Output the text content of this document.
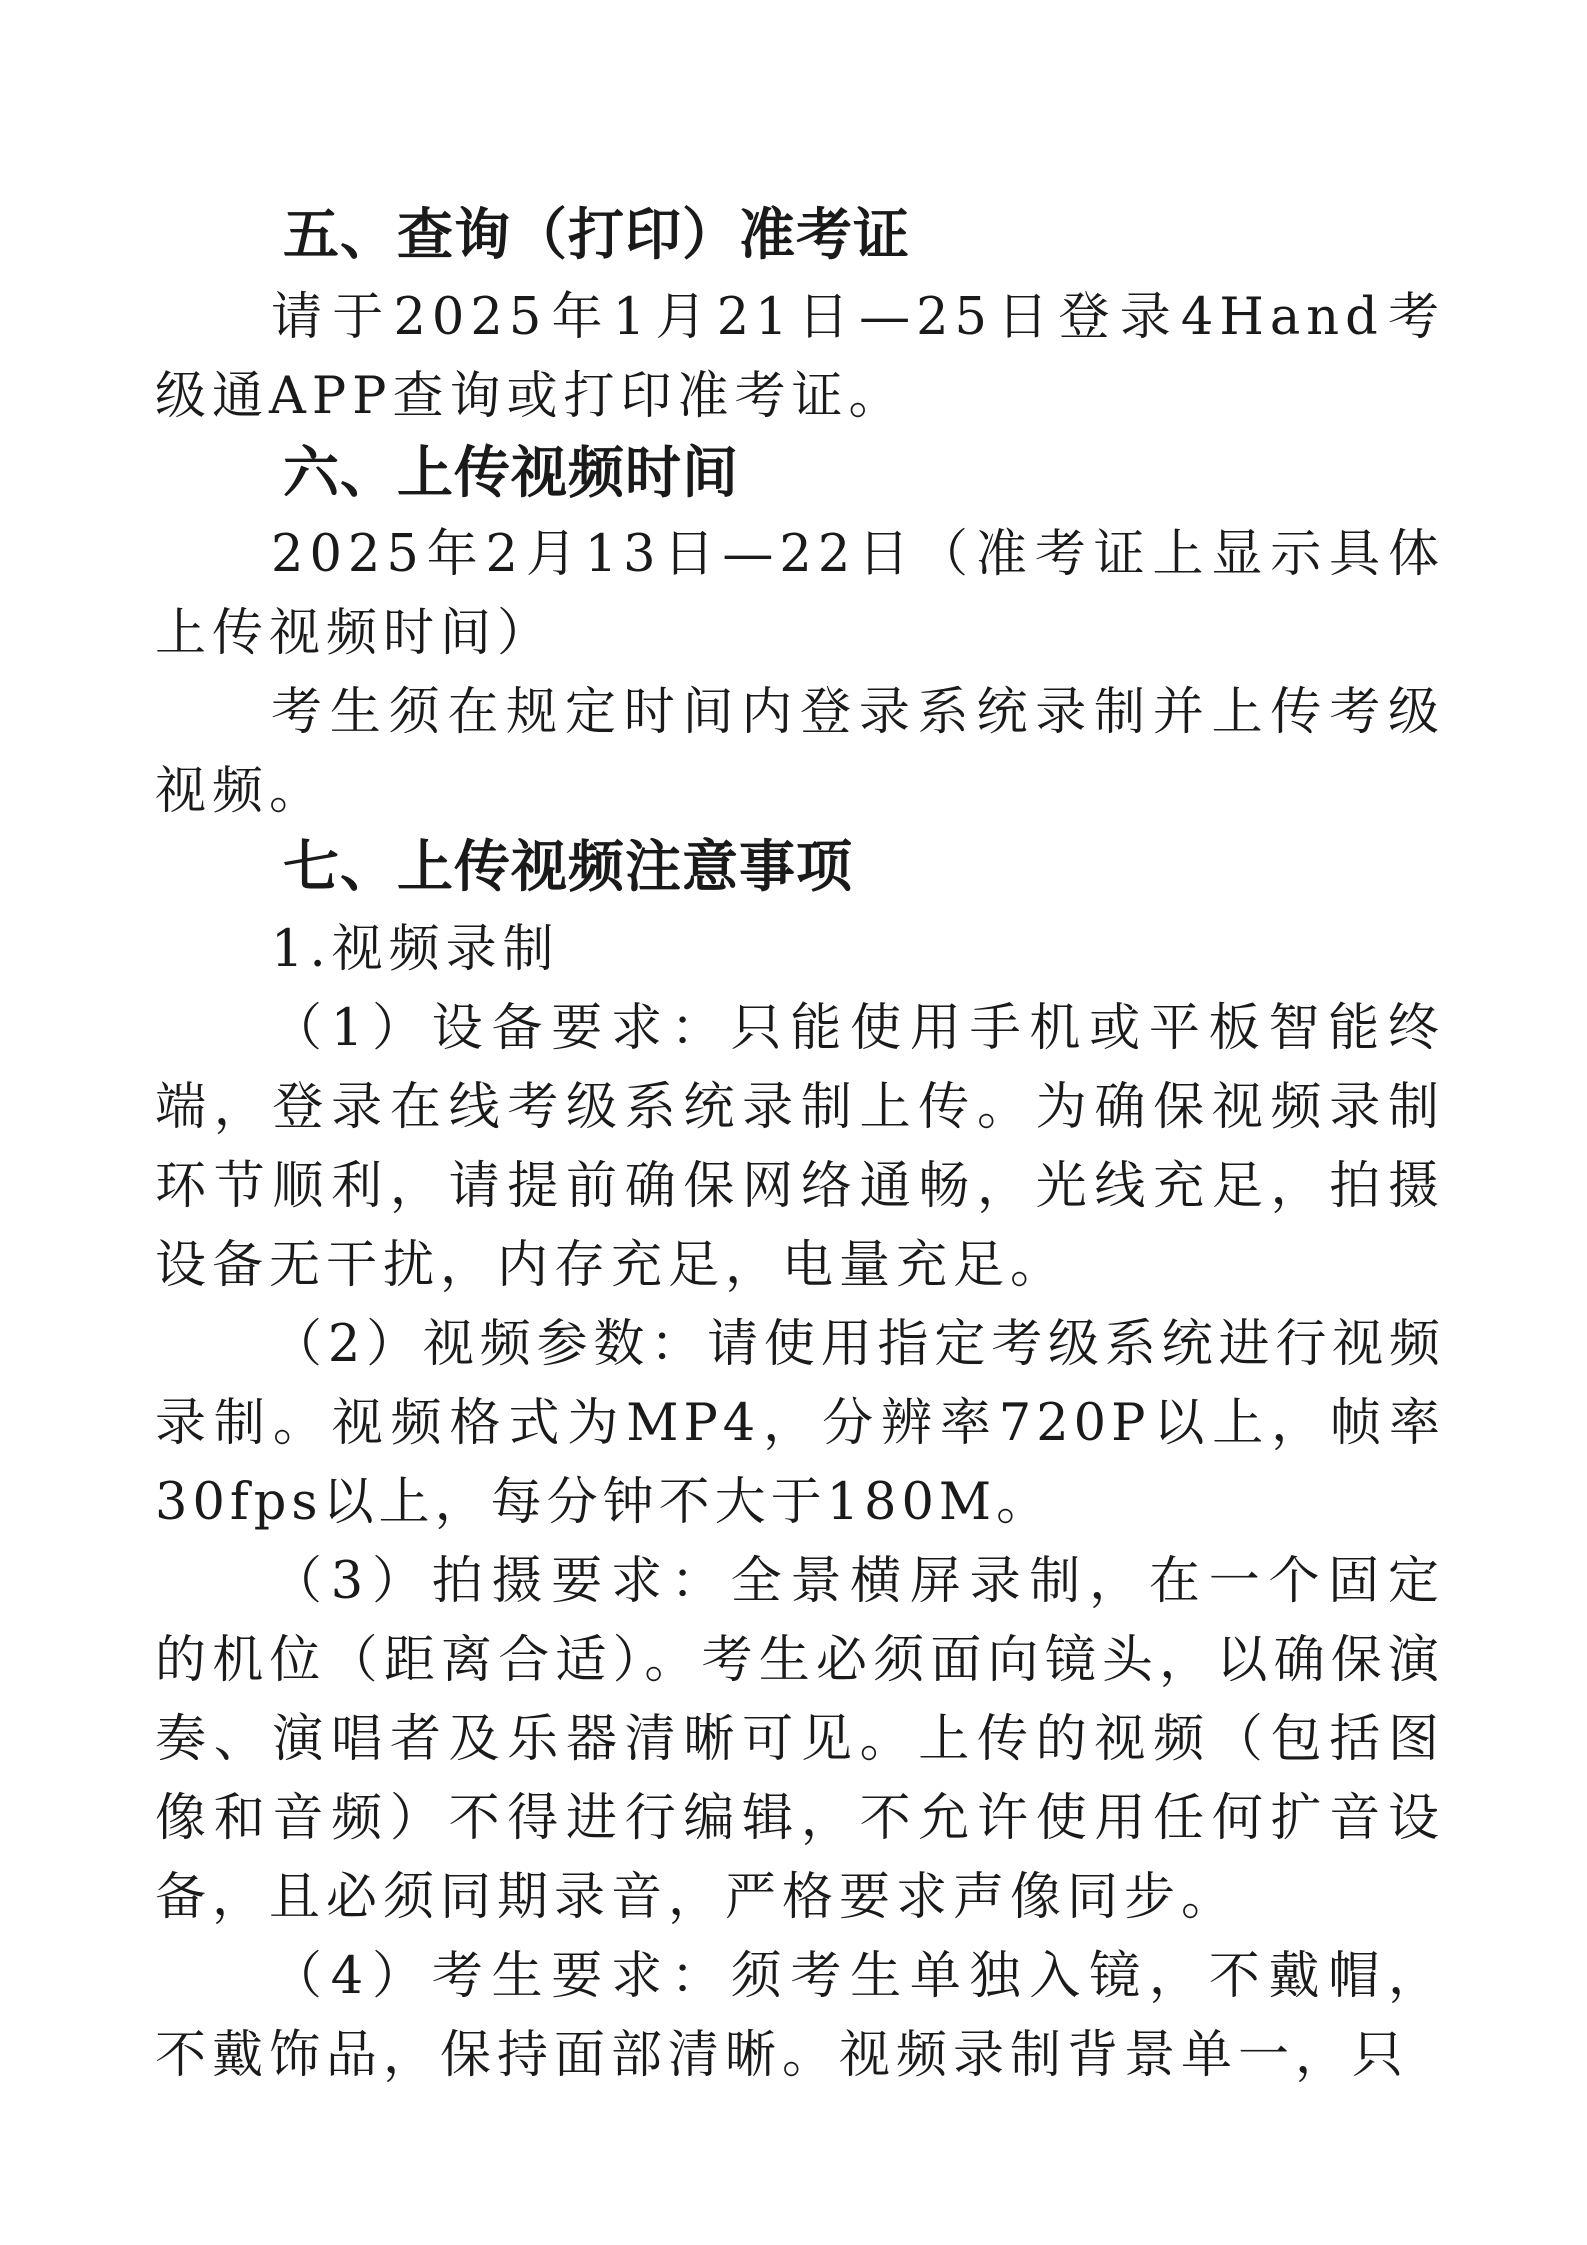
五、查询（打印）准考证

请于2025年1月21日—25日登录4Hand考级通APP查询或打印准考证。

六、上传视频时间

2025年2月13日—22日（准考证上显示具体上传视频时间）

考生须在规定时间内登录系统录制并上传考级视频。

七、上传视频注意事项

1.视频录制

（1）设备要求：只能使用手机或平板智能终端，登录在线考级系统录制上传。为确保视频录制环节顺利，请提前确保网络通畅，光线充足，拍摄设备无干扰，内存充足，电量充足。

（2）视频参数：请使用指定考级系统进行视频录制。视频格式为MP4，分辨率720P以上，帧率30fps以上，每分钟不大于180M。

（3）拍摄要求：全景横屏录制，在一个固定的机位（距离合适）。考生必须面向镜头，以确保演奏、演唱者及乐器清晰可见。上传的视频（包括图像和音频）不得进行编辑，不允许使用任何扩音设备，且必须同期录音，严格要求声像同步。

（4）考生要求：须考生单独入镜，不戴帽，不戴饰品，保持面部清晰。视频录制背景单一，只
